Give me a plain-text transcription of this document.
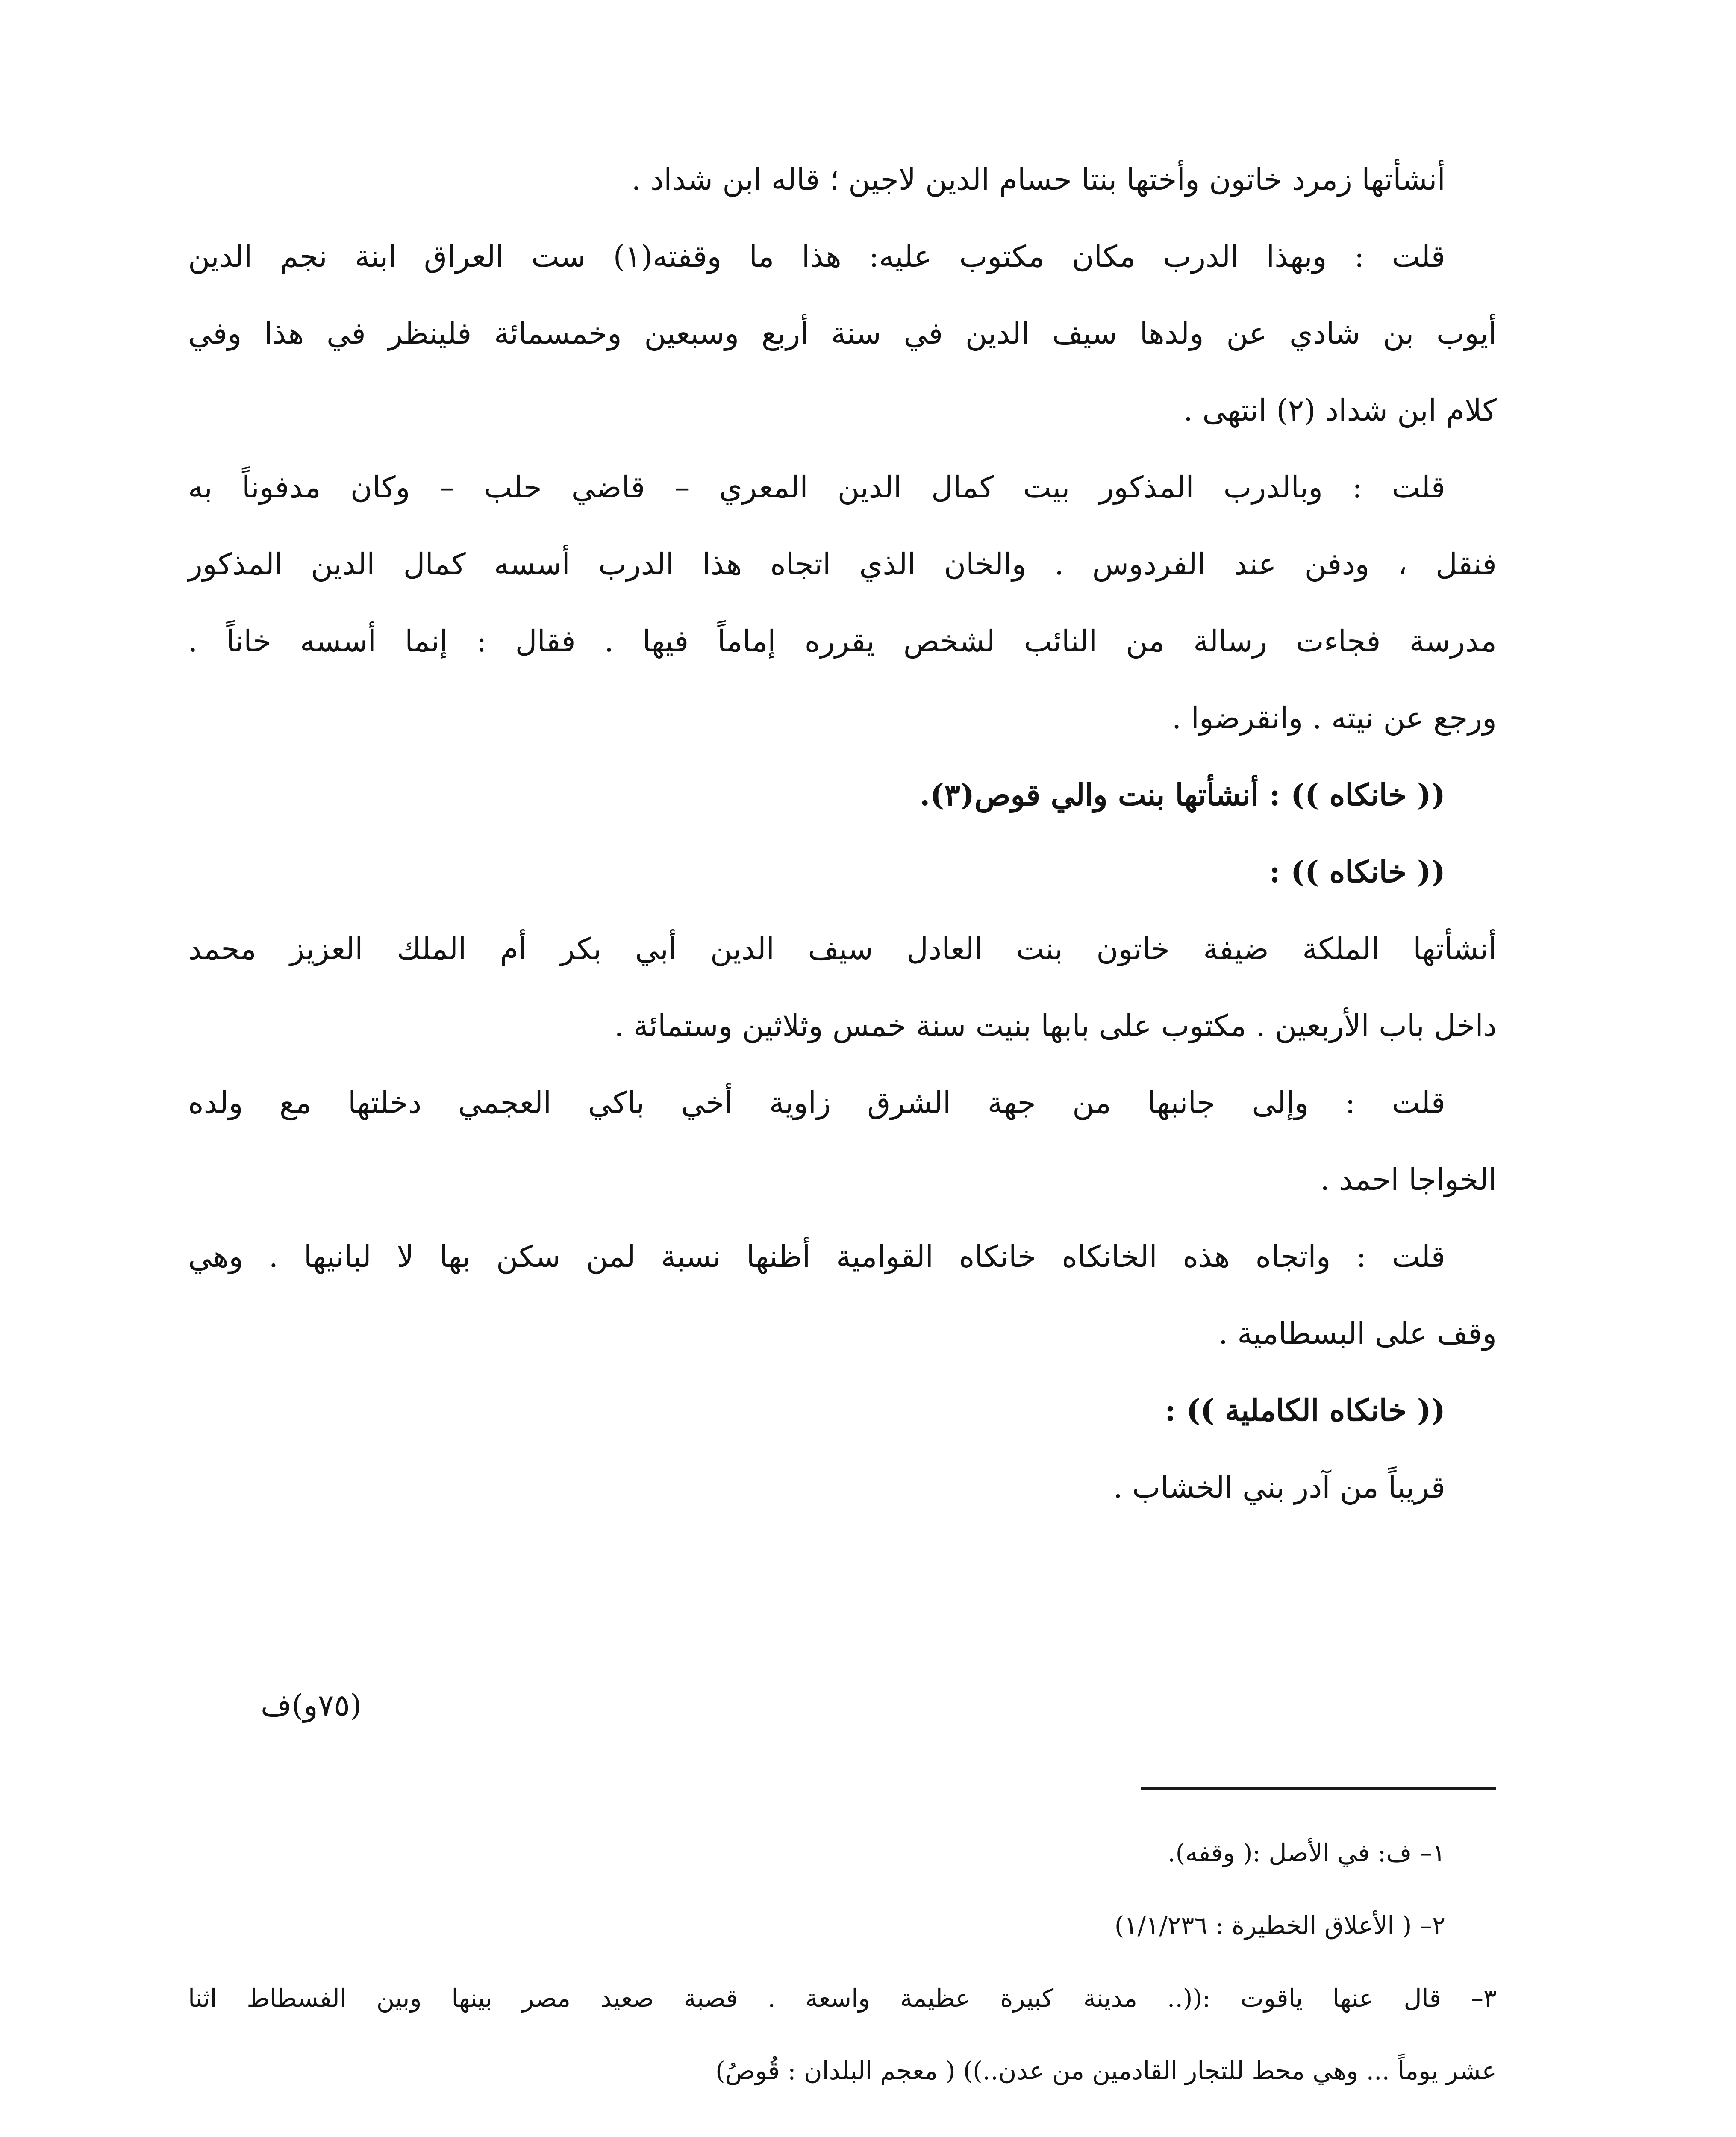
أنشأتها زمرد خاتون وأختها بنتا حسام الدين لاجين ؛ قاله ابن شداد .
قلت : وبهذا الدرب مكان مكتوب عليه: هذا ما وقفته(١) ست العراق ابنة نجم الدين
أيوب بن شادي عن ولدها سيف الدين في سنة أربع وسبعين وخمسمائة فلينظر في هذا وفي
كلام ابن شداد (٢) انتهى .
قلت : وبالدرب المذكور بيت كمال الدين المعري – قاضي حلب – وكان مدفوناً به
فنقل ، ودفن عند الفردوس . والخان الذي اتجاه هذا الدرب أسسه كمال الدين المذكور
مدرسة فجاءت رسالة من النائب لشخص يقرره إماماً فيها . فقال : إنما أسسه خاناً .
ورجع عن نيته . وانقرضوا .
(( خانكاه )) : أنشأتها بنت والي قوص(٣).
(( خانكاه )) :
أنشأتها الملكة ضيفة خاتون بنت العادل سيف الدين أبي بكر أم الملك العزيز محمد
داخل باب الأربعين . مكتوب على بابها بنيت سنة خمس وثلاثين وستمائة .
قلت : وإلى جانبها من جهة الشرق زاوية أخي باكي العجمي دخلتها مع ولده
الخواجا احمد .
قلت : واتجاه هذه الخانكاه خانكاه القوامية أظنها نسبة لمن سكن بها لا لبانيها . وهي
وقف على البسطامية .
(( خانكاه الكاملية )) :
قريباً من آدر بني الخشاب .
(٧٥و)ف
١– ف: في الأصل :( وقفه).
٢– ( الأعلاق الخطيرة : ١/١/٢٣٦)
٣– قال عنها ياقوت :((.. مدينة كبيرة عظيمة واسعة . قصبة صعيد مصر بينها وبين الفسطاط اثنا
عشر يوماً ... وهي محط للتجار القادمين من عدن..)) ( معجم البلدان : قُوصُ)
